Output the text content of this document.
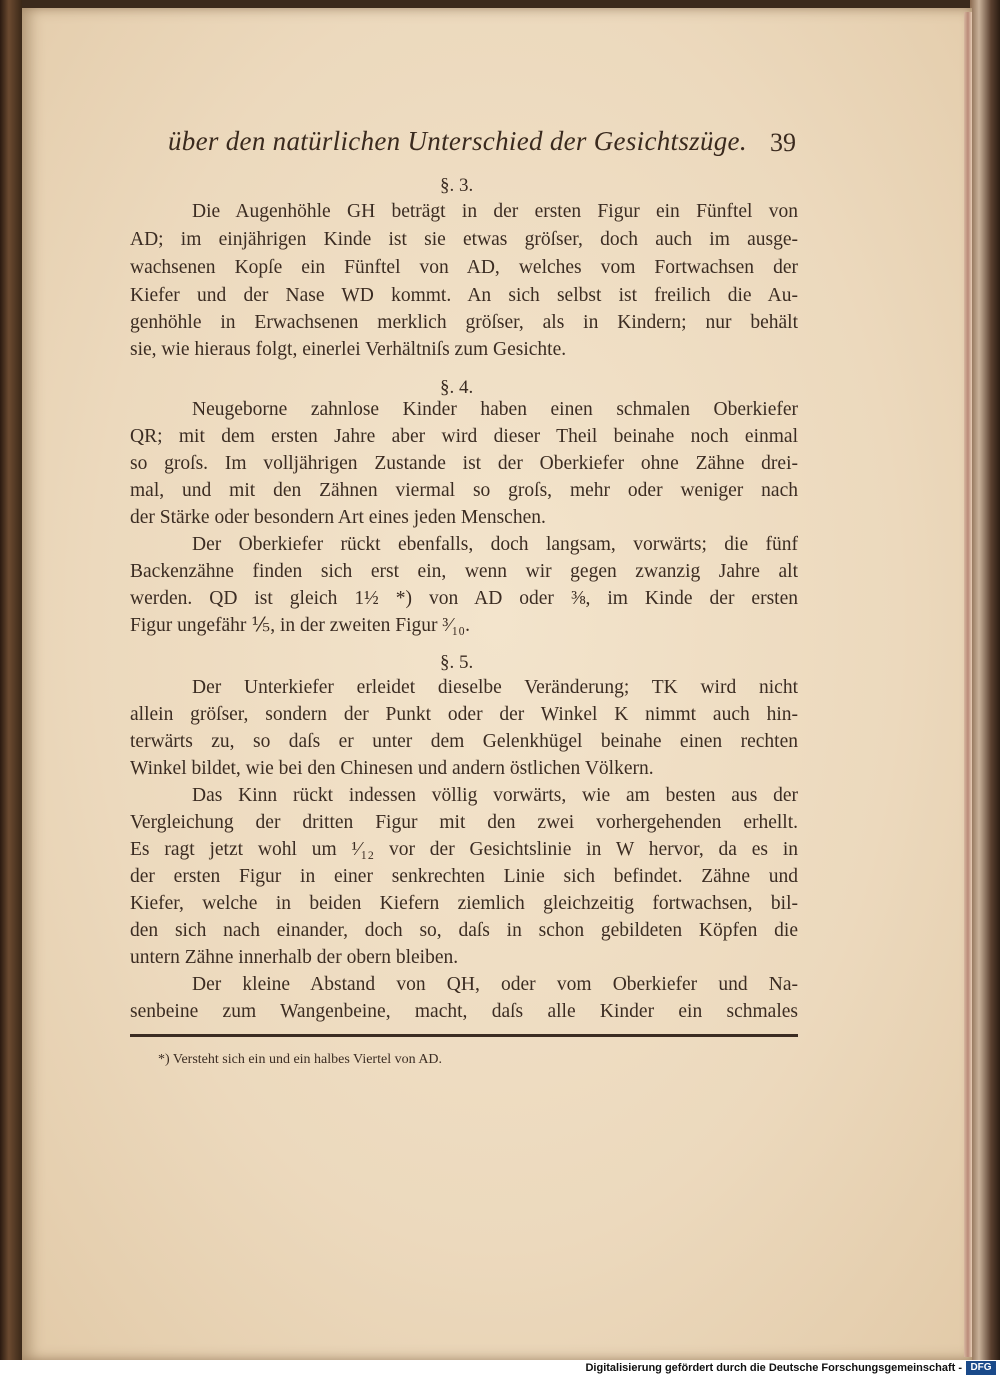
über den natürlichen Unterschied der Gesichtszüge. 39
§. 3.
Die Augenhöhle GH beträgt in der ersten Figur ein Fünftel von
AD; im einjährigen Kinde ist sie etwas gröſser, doch auch im ausge-
wachsenen Kopſe ein Fünftel von AD, welches vom Fortwachsen der
Kiefer und der Nase WD kommt. An sich selbst ist freilich die Au-
genhöhle in Erwachsenen merklich gröſser, als in Kindern; nur behält
sie, wie hieraus folgt, einerlei Verhältniſs zum Gesichte.
§. 4.
Neugeborne zahnlose Kinder haben einen schmalen Oberkiefer
QR; mit dem ersten Jahre aber wird dieser Theil beinahe noch einmal
so groſs. Im volljährigen Zustande ist der Oberkiefer ohne Zähne drei-
mal, und mit den Zähnen viermal so groſs, mehr oder weniger nach
der Stärke oder besondern Art eines jeden Menschen.
Der Oberkiefer rückt ebenfalls, doch langsam, vorwärts; die fünf
Backenzähne finden sich erst ein, wenn wir gegen zwanzig Jahre alt
werden. QD ist gleich 1½ *) von AD oder ⅜, im Kinde der ersten
Figur ungefähr ⅕, in der zweiten Figur ³⁄₁₀.
§. 5.
Der Unterkiefer erleidet dieselbe Veränderung; TK wird nicht
allein gröſser, sondern der Punkt oder der Winkel K nimmt auch hin-
terwärts zu, so daſs er unter dem Gelenkhügel beinahe einen rechten
Winkel bildet, wie bei den Chinesen und andern östlichen Völkern.
Das Kinn rückt indessen völlig vorwärts, wie am besten aus der
Vergleichung der dritten Figur mit den zwei vorhergehenden erhellt.
Es ragt jetzt wohl um ¹⁄₁₂ vor der Gesichtslinie in W hervor, da es in
der ersten Figur in einer senkrechten Linie sich befindet. Zähne und
Kiefer, welche in beiden Kiefern ziemlich gleichzeitig fortwachsen, bil-
den sich nach einander, doch so, daſs in schon gebildeten Köpfen die
untern Zähne innerhalb der obern bleiben.
Der kleine Abstand von QH, oder vom Oberkiefer und Na-
senbeine zum Wangenbeine, macht, daſs alle Kinder ein schmales
*) Versteht sich ein und ein halbes Viertel von AD.
Digitalisierung gefördert durch die Deutsche Forschungsgemeinschaft - DFG
